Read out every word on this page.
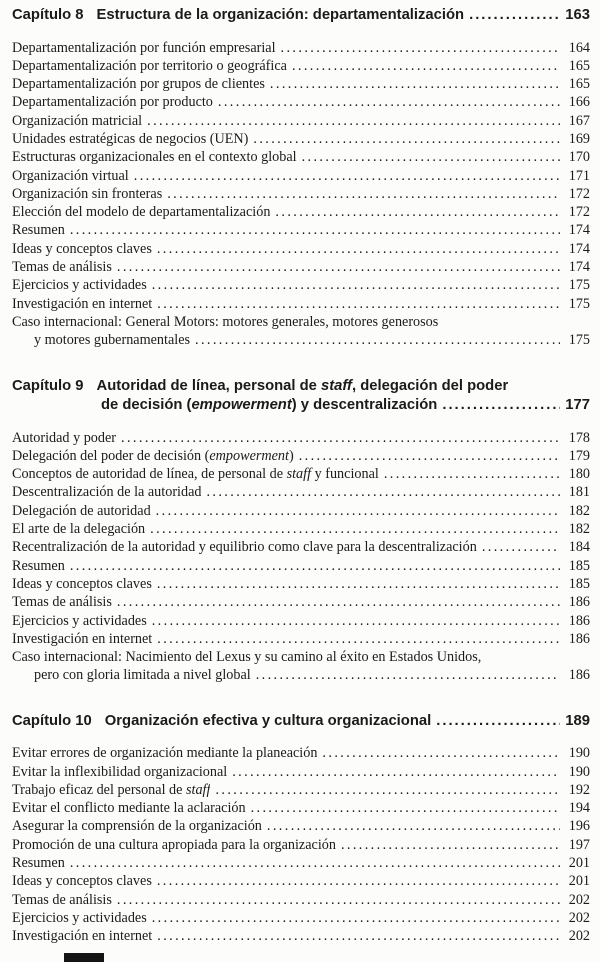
Capítulo 8 Estructura de la organización: departamentalización .....	163
Departamentalización por función empresarial .....	164
Departamentalización por territorio o geográfica .....	165
Departamentalización por grupos de clientes .....	165
Departamentalización por producto .....	166
Organización matricial .....	167
Unidades estratégicas de negocios (UEN) .....	169
Estructuras organizacionales en el contexto global .....	170
Organización virtual .....	171
Organización sin fronteras .....	172
Elección del modelo de departamentalización .....	172
Resumen .....	174
Ideas y conceptos claves .....	174
Temas de análisis .....	174
Ejercicios y actividades .....	175
Investigación en internet .....	175
Caso internacional: General Motors: motores generales, motores generosos
y motores gubernamentales .....	175
Capítulo 9 Autoridad de línea, personal de staff, delegación del poder
de decisión (empowerment) y descentralización .....	177
Autoridad y poder .....	178
Delegación del poder de decisión (empowerment) .....	179
Conceptos de autoridad de línea, de personal de staff y funcional .....	180
Descentralización de la autoridad .....	181
Delegación de autoridad .....	182
El arte de la delegación .....	182
Recentralización de la autoridad y equilibrio como clave para la descentralización .....	184
Resumen .....	185
Ideas y conceptos claves .....	185
Temas de análisis .....	186
Ejercicios y actividades .....	186
Investigación en internet .....	186
Caso internacional: Nacimiento del Lexus y su camino al éxito en Estados Unidos,
pero con gloria limitada a nivel global .....	186
Capítulo 10 Organización efectiva y cultura organizacional .....	189
Evitar errores de organización mediante la planeación .....	190
Evitar la inflexibilidad organizacional .....	190
Trabajo eficaz del personal de staff .....	192
Evitar el conflicto mediante la aclaración .....	194
Asegurar la comprensión de la organización .....	196
Promoción de una cultura apropiada para la organización .....	197
Resumen .....	201
Ideas y conceptos claves .....	201
Temas de análisis .....	202
Ejercicios y actividades .....	202
Investigación en internet .....	202
